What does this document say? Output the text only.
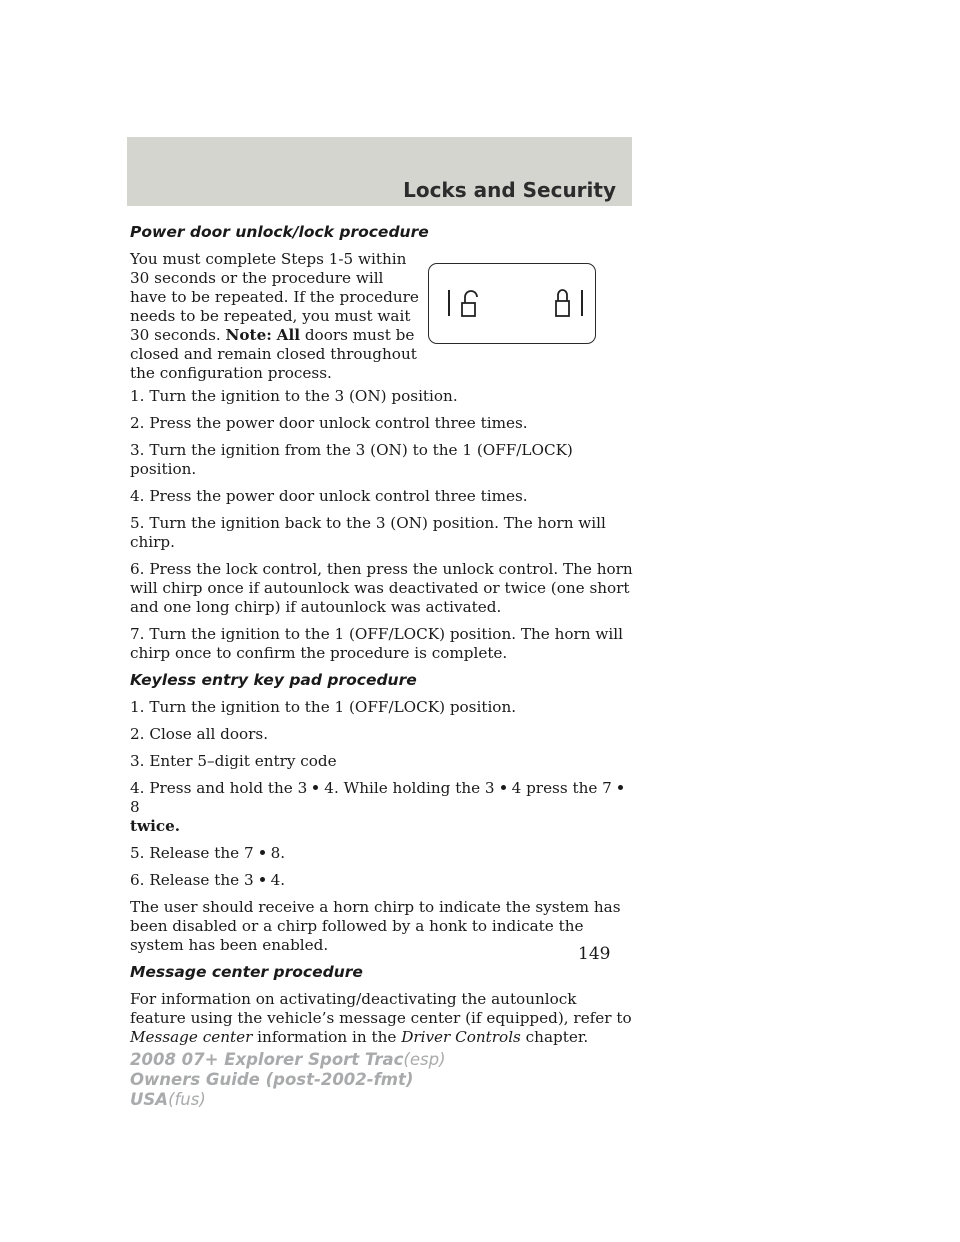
Locks and Security

Power door unlock/lock procedure

You must complete Steps 1-5 within 30 seconds or the procedure will have to be repeated. If the procedure needs to be repeated, you must wait 30 seconds. Note: All doors must be closed and remain closed throughout the configuration process.

1. Turn the ignition to the 3 (ON) position.

2. Press the power door unlock control three times.

3. Turn the ignition from the 3 (ON) to the 1 (OFF/LOCK) position.

4. Press the power door unlock control three times.

5. Turn the ignition back to the 3 (ON) position. The horn will chirp.

6. Press the lock control, then press the unlock control. The horn will chirp once if autounlock was deactivated or twice (one short and one long chirp) if autounlock was activated.

7. Turn the ignition to the 1 (OFF/LOCK) position. The horn will chirp once to confirm the procedure is complete.

Keyless entry key pad procedure

1. Turn the ignition to the 1 (OFF/LOCK) position.

2. Close all doors.

3. Enter 5–digit entry code

4. Press and hold the 3 4. While holding the 3 4 press the 78
twice.

5. Release the 7 8.

6. Release the 3 4.

The user should receive a horn chirp to indicate the system has been disabled or a chirp followed by a honk to indicate the system has been enabled.

Message center procedure

For information on activating/deactivating the autounlock feature using the vehicle’s message center (if equipped), refer to Message center information in the Driver Controls chapter.

149
2008 07+ Explorer Sport Trac(esp)
Owners Guide (post-2002-fmt)
USA(fus)
